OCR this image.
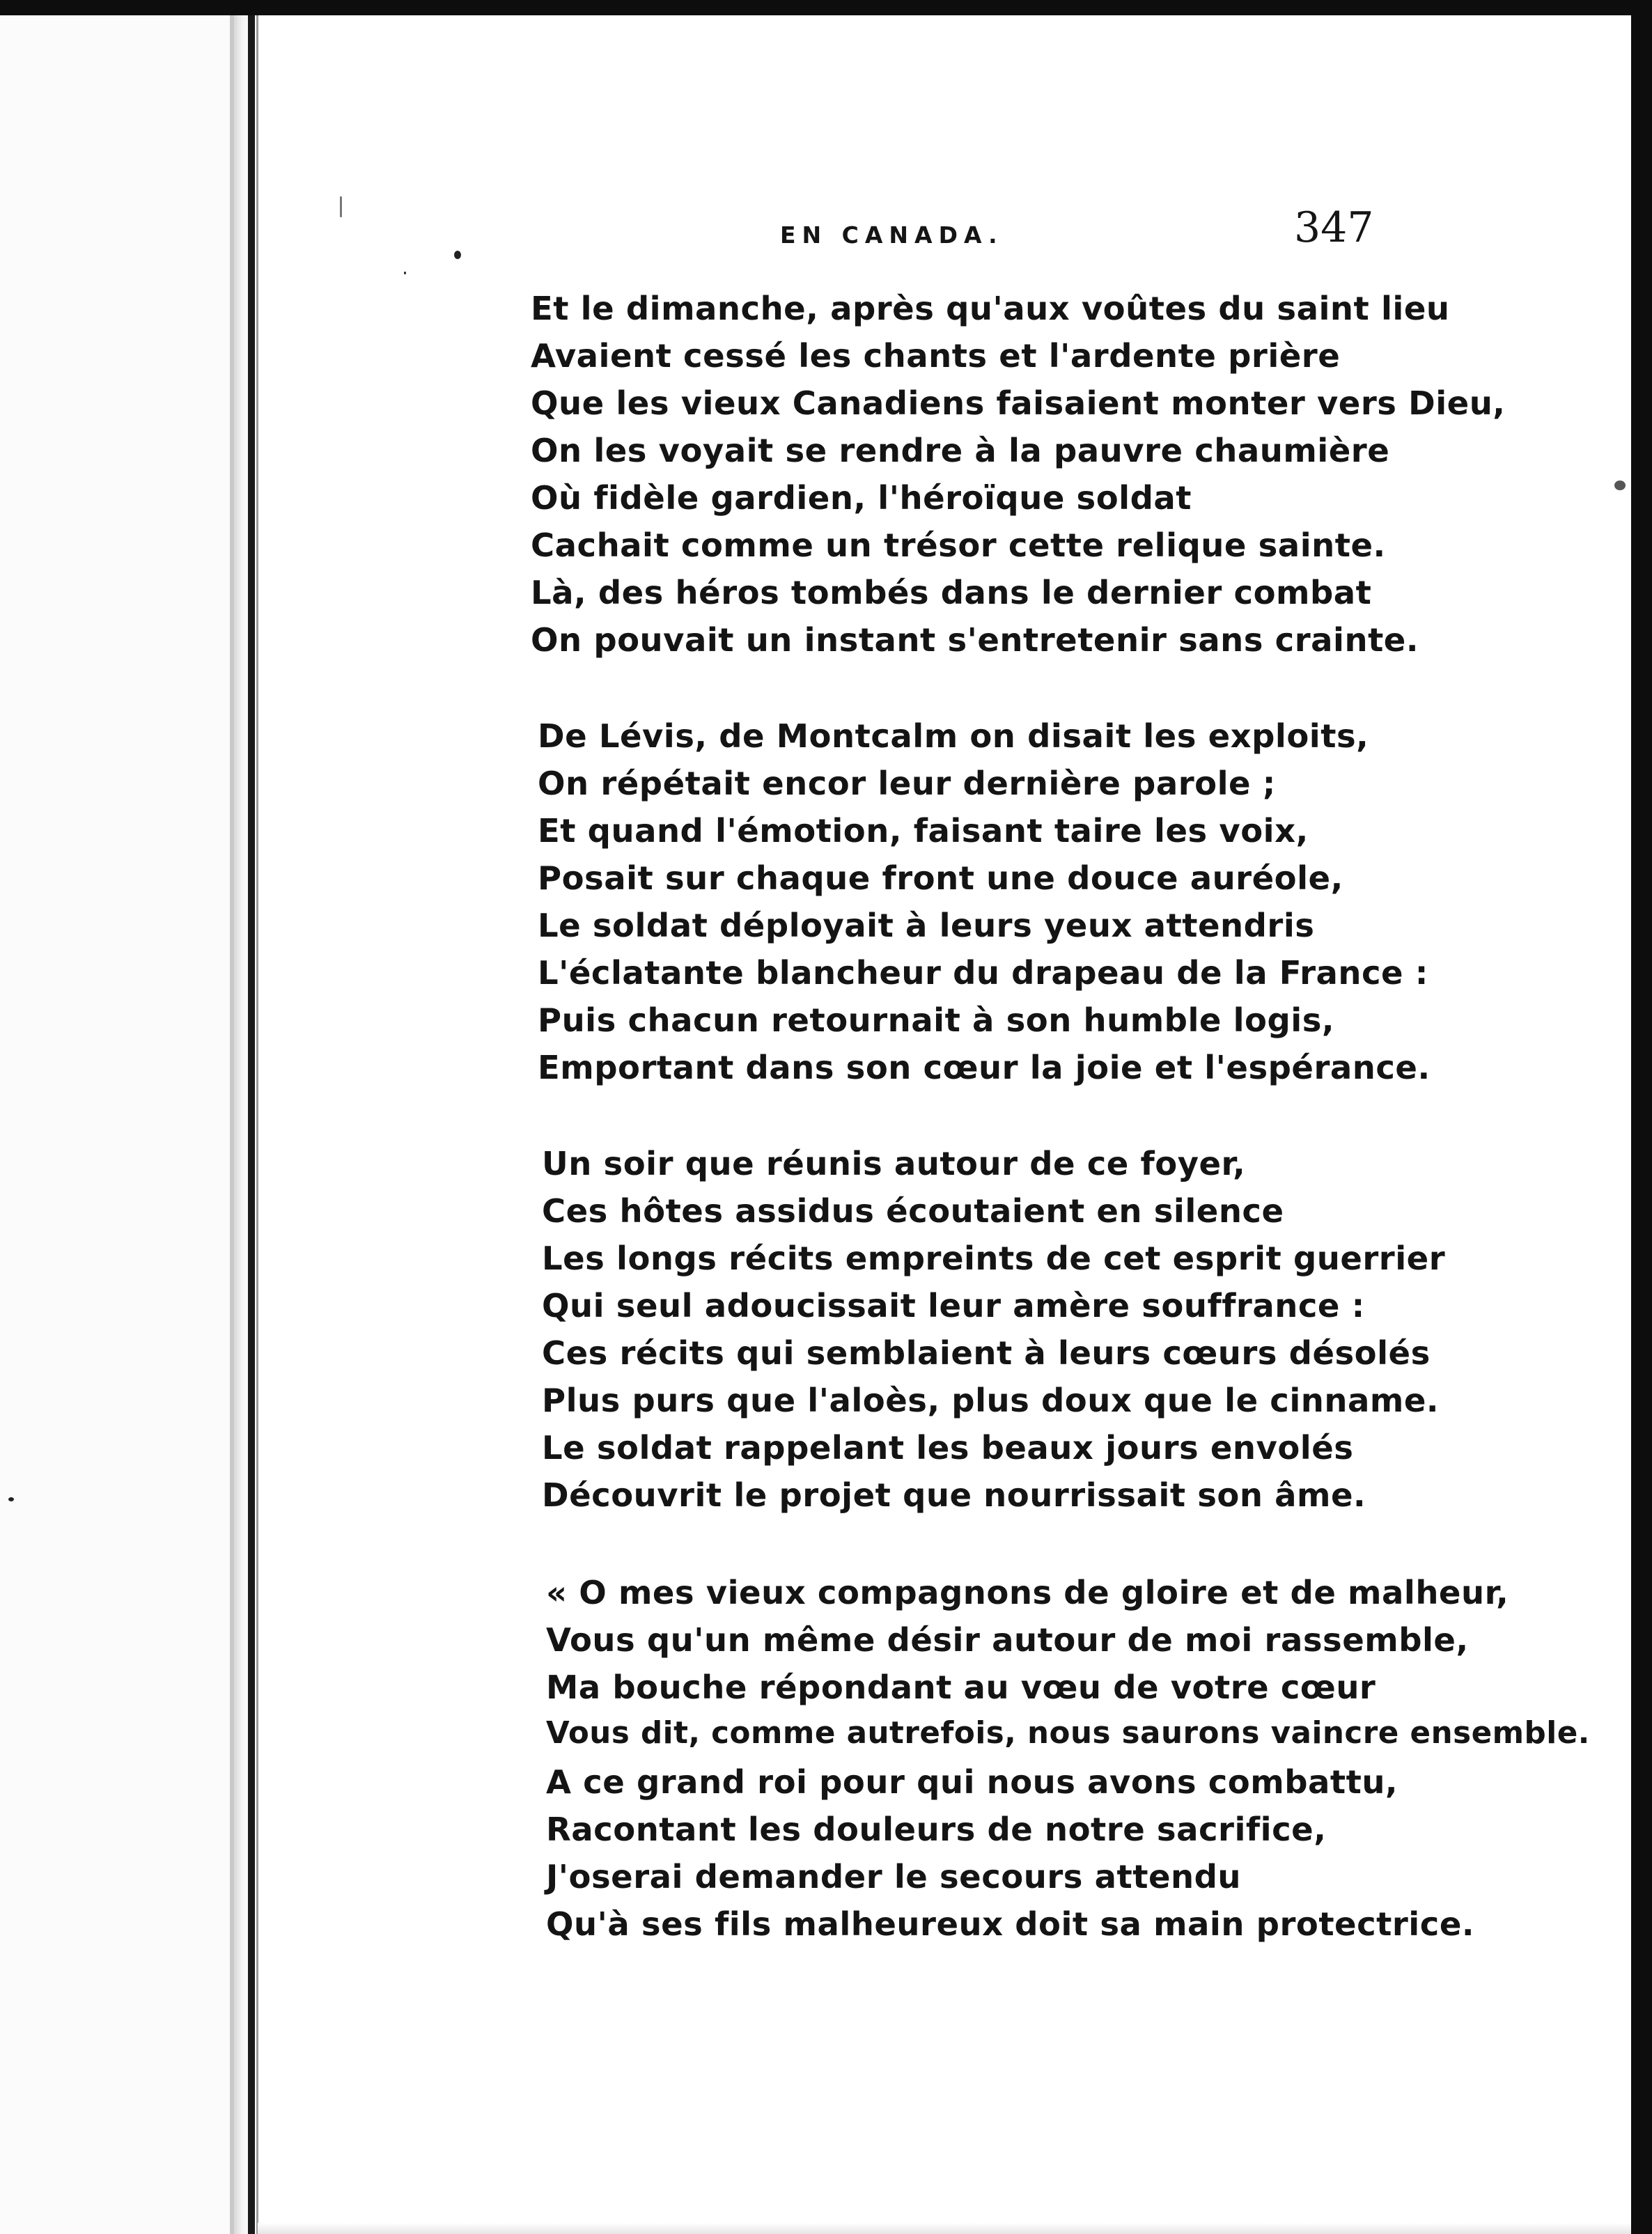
EN CANADA.	347
Et le dimanche, après qu'aux voûtes du saint lieu
Avaient cessé les chants et l'ardente prière
Que les vieux Canadiens faisaient monter vers Dieu,
On les voyait se rendre à la pauvre chaumière
Où fidèle gardien, l'héroïque soldat
Cachait comme un trésor cette relique sainte.
Là, des héros tombés dans le dernier combat
On pouvait un instant s'entretenir sans crainte.
De Lévis, de Montcalm on disait les exploits,
On répétait encor leur dernière parole ;
Et quand l'émotion, faisant taire les voix,
Posait sur chaque front une douce auréole,
Le soldat déployait à leurs yeux attendris
L'éclatante blancheur du drapeau de la France :
Puis chacun retournait à son humble logis,
Emportant dans son cœur la joie et l'espérance.
Un soir que réunis autour de ce foyer,
Ces hôtes assidus écoutaient en silence
Les longs récits empreints de cet esprit guerrier
Qui seul adoucissait leur amère souffrance :
Ces récits qui semblaient à leurs cœurs désolés
Plus purs que l'aloès, plus doux que le cinname.
Le soldat rappelant les beaux jours envolés
Découvrit le projet que nourrissait son âme.
« O mes vieux compagnons de gloire et de malheur,
Vous qu'un même désir autour de moi rassemble,
Ma bouche répondant au vœu de votre cœur
Vous dit, comme autrefois, nous saurons vaincre ensemble.
A ce grand roi pour qui nous avons combattu,
Racontant les douleurs de notre sacrifice,
J'oserai demander le secours attendu
Qu'à ses fils malheureux doit sa main protectrice.
